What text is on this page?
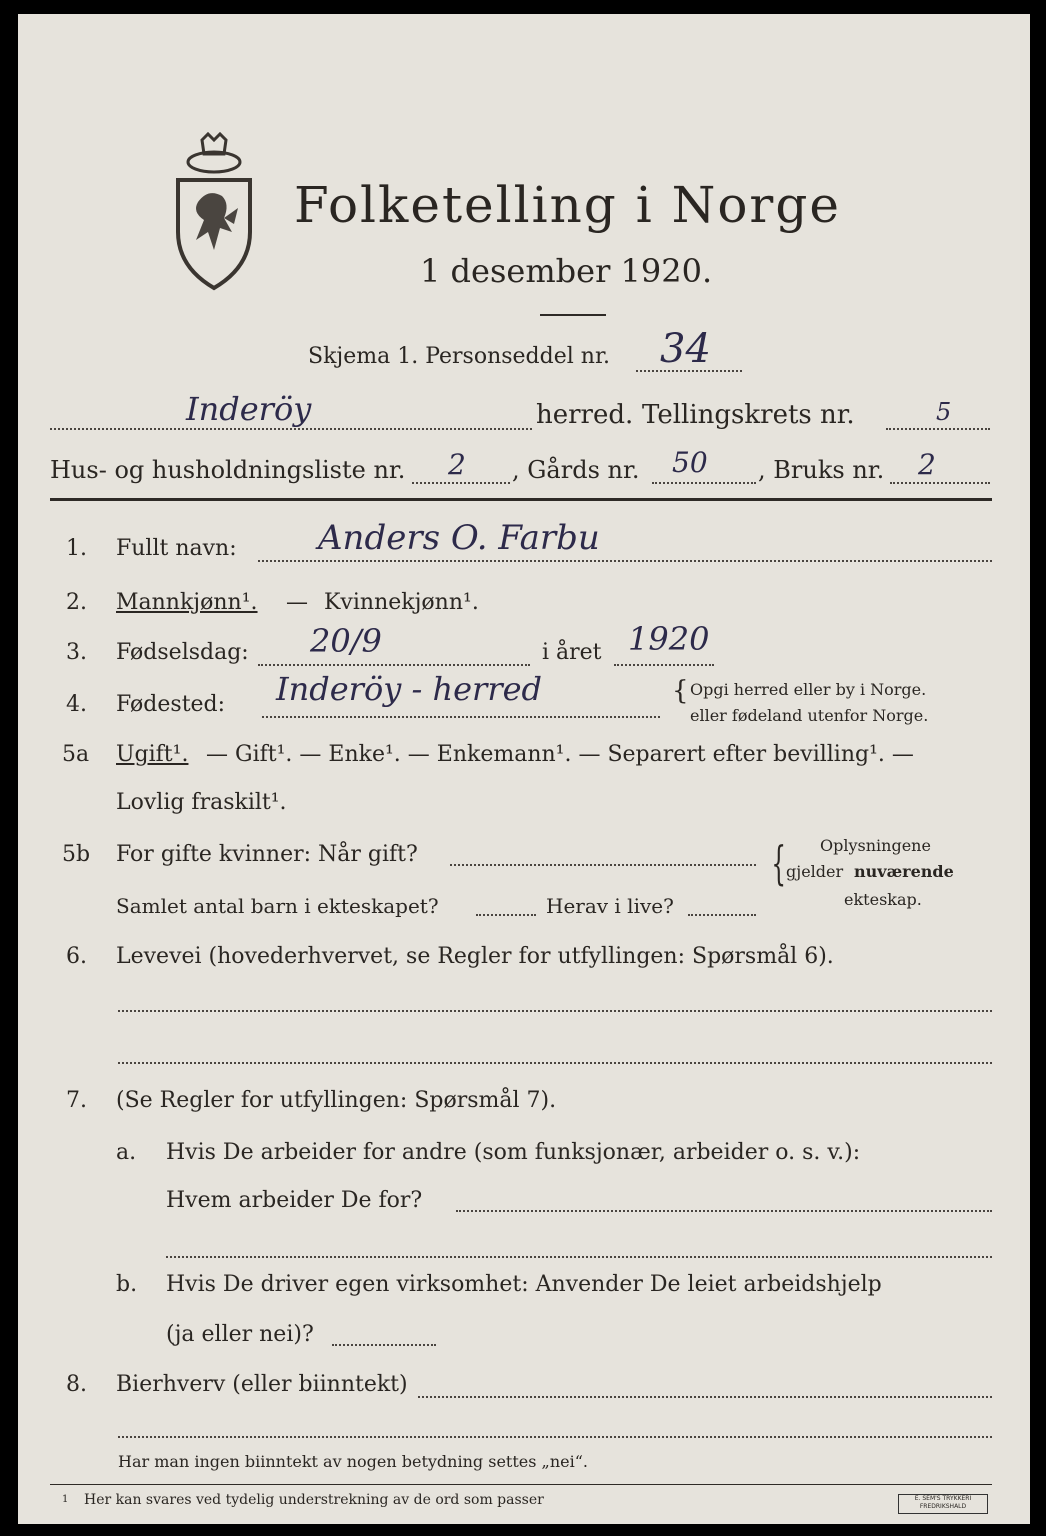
Folketelling i Norge
1 desember 1920.
Skjema 1. Personseddel nr. 34
Inderöy	herred. Tellingskrets nr.	5
Hus- og husholdningsliste nr. 2 , Gårds nr. 50 , Bruks nr. 2
1. Fullt navn: Anders O. Farbu
2. Mannkjønn¹. — Kvinnekjønn¹.
3. Fødselsdag: 20/9	i året 1920
4. Fødested: Inderöy - herred	{ Opgi herred eller by i Norge.
eller fødeland utenfor Norge.
5a Ugift¹. — Gift¹. — Enke¹. — Enkemann¹. — Separert efter bevilling¹. —
Lovlig fraskilt¹.
5b For gifte kvinner: Når gift?
Samlet antal barn i ekteskapet?	Herav i live?
{ Oplysningene
gjelder nuværende
ekteskap.
6. Levevei (hovederhvervet, se Regler for utfyllingen: Spørsmål 6).
7. (Se Regler for utfyllingen: Spørsmål 7).
a. Hvis De arbeider for andre (som funksjonær, arbeider o. s. v.):
Hvem arbeider De for?
b. Hvis De driver egen virksomhet: Anvender De leiet arbeidshjelp
(ja eller nei)?
8. Bierhverv (eller biinntekt)
Har man ingen biinntekt av nogen betydning settes „nei“.
1 Her kan svares ved tydelig understrekning av de ord som passer	E. SEM'S TRYKKERI FREDRIKSHALD
